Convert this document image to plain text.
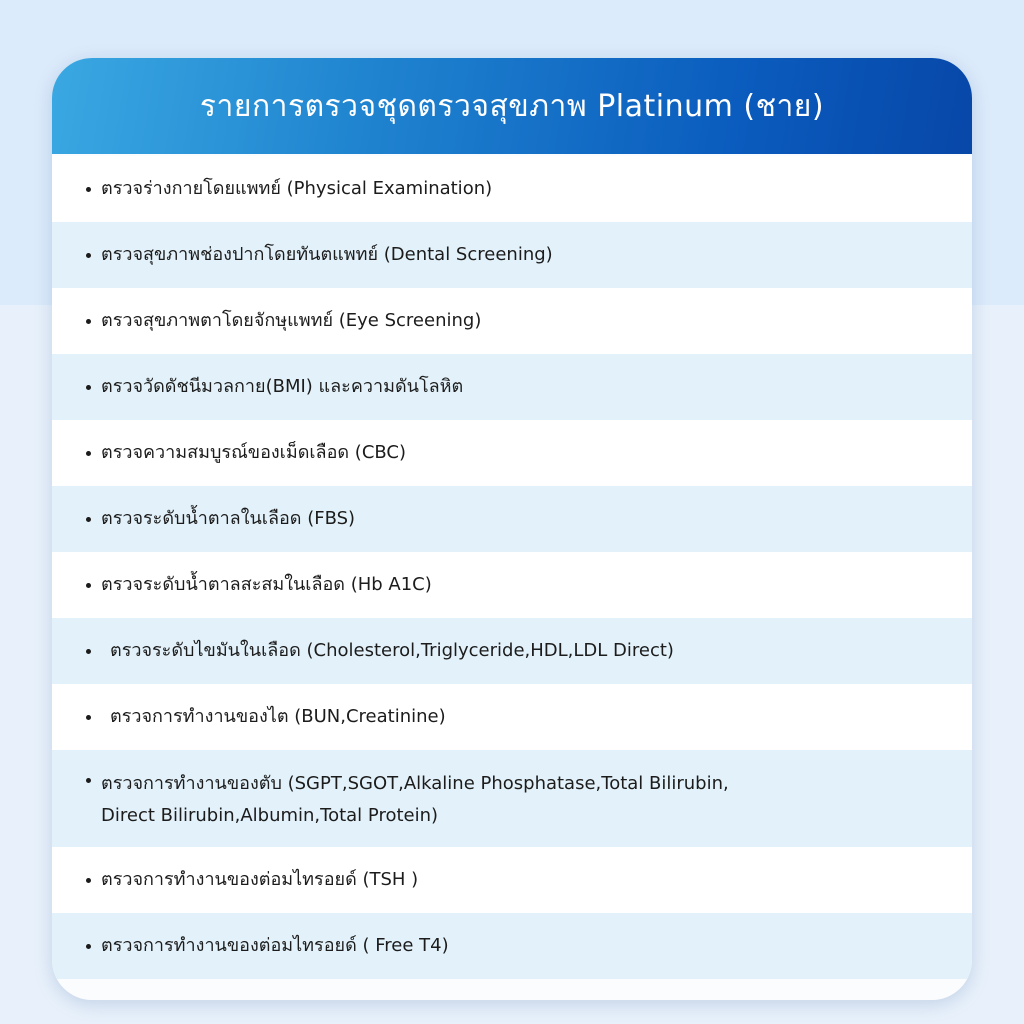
รายการตรวจชุดตรวจสุขภาพ Platinum (ชาย)
ตรวจร่างกายโดยแพทย์ (Physical Examination)
ตรวจสุขภาพช่องปากโดยทันตแพทย์ (Dental Screening)
ตรวจสุขภาพตาโดยจักษุแพทย์ (Eye Screening)
ตรวจวัดดัชนีมวลกาย(BMI) และความดันโลหิต
ตรวจความสมบูรณ์ของเม็ดเลือด (CBC)
ตรวจระดับน้ำตาลในเลือด (FBS)
ตรวจระดับน้ำตาลสะสมในเลือด (Hb A1C)
ตรวจระดับไขมันในเลือด (Cholesterol,Triglyceride,HDL,LDL Direct)
ตรวจการทำงานของไต (BUN,Creatinine)
ตรวจการทำงานของตับ (SGPT,SGOT,Alkaline Phosphatase,Total Bilirubin,
Direct Bilirubin,Albumin,Total Protein)
ตรวจการทำงานของต่อมไทรอยด์ (TSH )
ตรวจการทำงานของต่อมไทรอยด์ ( Free T4)
